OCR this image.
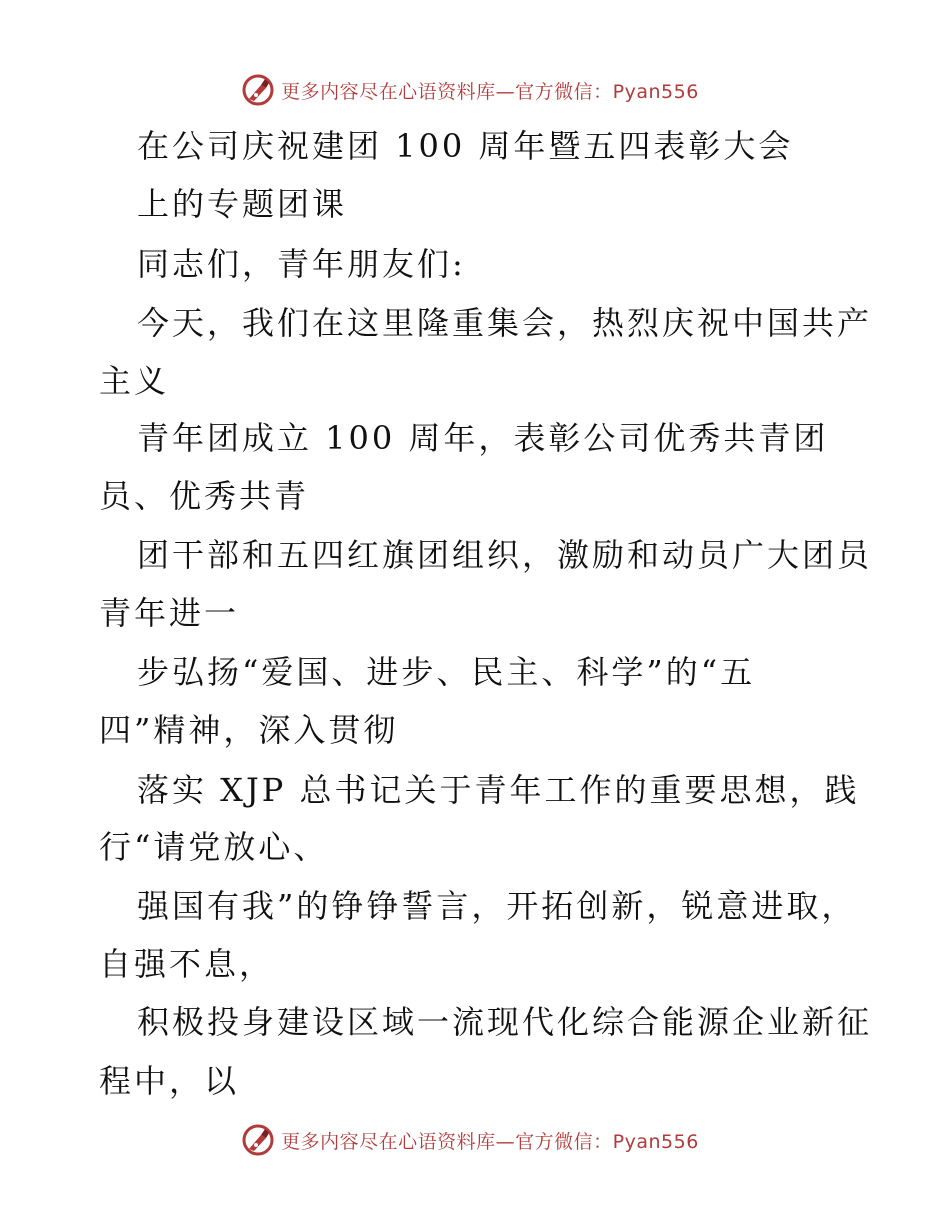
更多内容尽在心语资料库—官方微信：Pyan556
在公司庆祝建团 100 周年暨五四表彰大会
上的专题团课
同志们，青年朋友们:
今天，我们在这里隆重集会，热烈庆祝中国共产
主义
青年团成立 100 周年，表彰公司优秀共青团
员、优秀共青
团干部和五四红旗团组织，激励和动员广大团员
青年进一
步弘扬“爱国、进步、民主、科学”的“五
四”精神，深入贯彻
落实 XJP 总书记关于青年工作的重要思想，践
行“请党放心、
强国有我”的铮铮誓言，开拓创新，锐意进取，
自强不息，
积极投身建设区域一流现代化综合能源企业新征
程中，以
更多内容尽在心语资料库—官方微信：Pyan556
